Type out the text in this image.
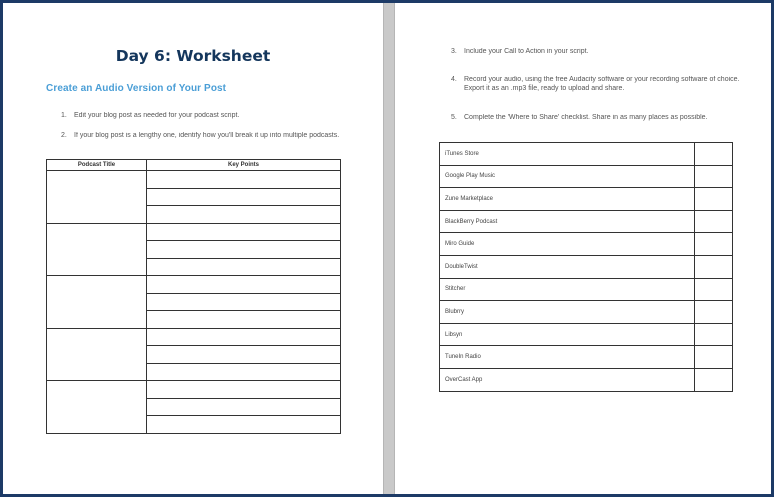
Day 6: Worksheet
Create an Audio Version of Your Post
1. Edit your blog post as needed for your podcast script.
2. If your blog post is a lengthy one, identify how you'll break it up into multiple podcasts.
Podcast Title	Key Points

3. Include your Call to Action in your script.
4. Record your audio, using the free Audacity software or your recording software of choice. Export it as an .mp3 file, ready to upload and share.
5. Complete the 'Where to Share' checklist. Share in as many places as possible.
iTunes Store	
Google Play Music	
Zune Marketplace	
BlackBerry Podcast	
Miro Guide	
DoubleTwist	
Stitcher	
Blubrry	
Libsyn	
TuneIn Radio	
OverCast App	
